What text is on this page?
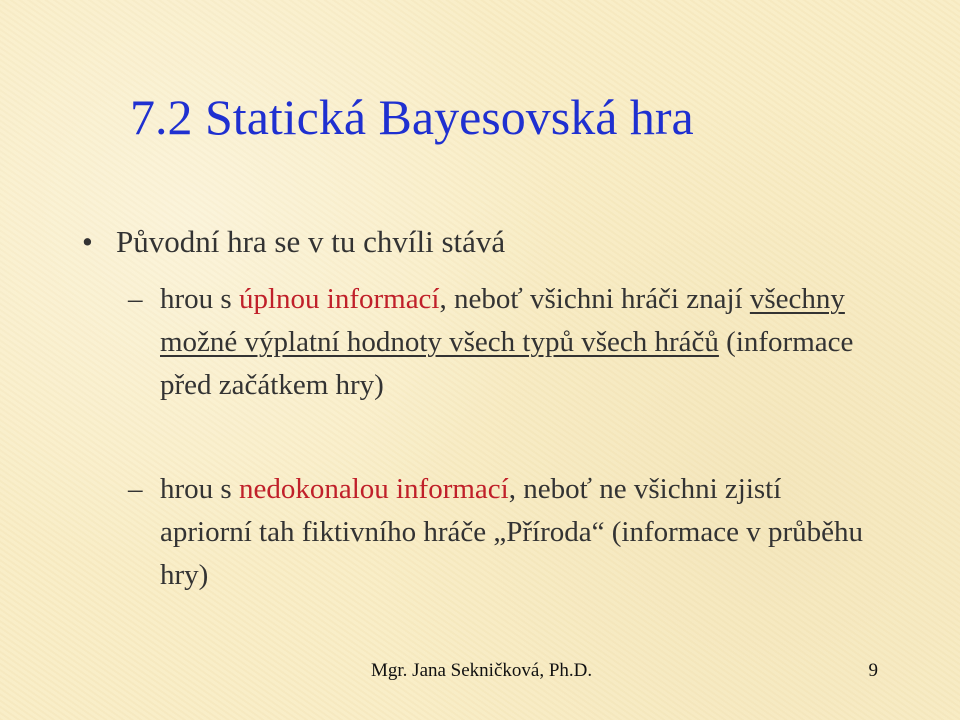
7.2 Statická Bayesovská hra
• Původní hra se v tu chvíli stává
– hrou s úplnou informací, neboť všichni hráči znají všechny možné výplatní hodnoty všech typů všech hráčů (informace před začátkem hry)
– hrou s nedokonalou informací, neboť ne všichni zjistí apriorní tah fiktivního hráče „Příroda“ (informace v průběhu hry)
Mgr. Jana Sekničková, Ph.D.	9
